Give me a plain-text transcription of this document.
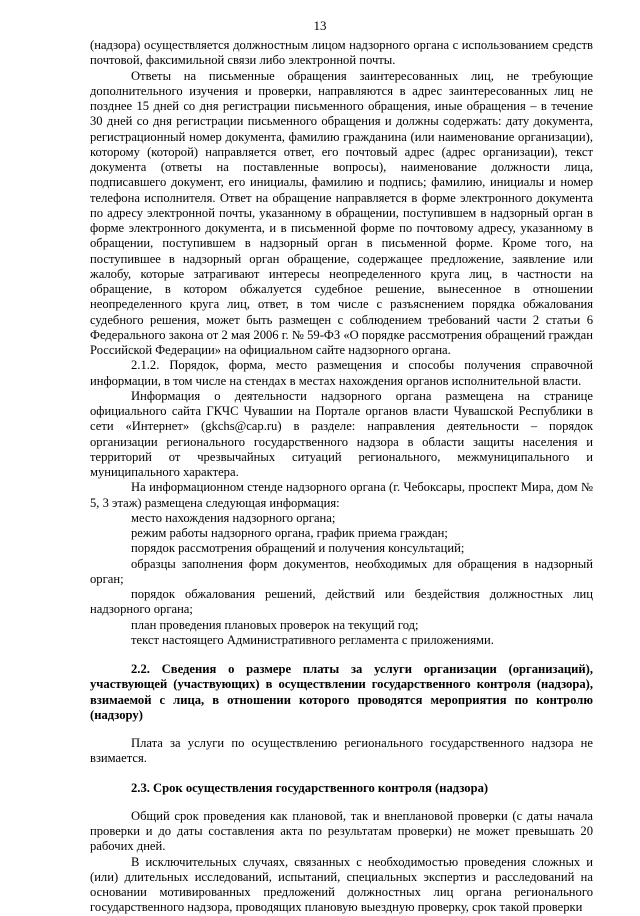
13

(надзора) осуществляется должностным лицом надзорного органа с использованием средств почтовой, факсимильной связи либо электронной почты.

Ответы на письменные обращения заинтересованных лиц, не требующие дополнительного изучения и проверки, направляются в адрес заинтересованных лиц не позднее 15 дней со дня регистрации письменного обращения, иные обращения – в течение 30 дней со дня регистрации письменного обращения и должны содержать: дату документа, регистрационный номер документа, фамилию гражданина (или наименование организации), которому (которой) направляется ответ, его почтовый адрес (адрес организации), текст документа (ответы на поставленные вопросы), наименование должности лица, подписавшего документ, его инициалы, фамилию и подпись; фамилию, инициалы и номер телефона исполнителя. Ответ на обращение направляется в форме электронного документа по адресу электронной почты, указанному в обращении, поступившем в надзорный орган в форме электронного документа, и в письменной форме по почтовому адресу, указанному в обращении, поступившем в надзорный орган в письменной форме. Кроме того, на поступившее в надзорный орган обращение, содержащее предложение, заявление или жалобу, которые затрагивают интересы неопределенного круга лиц, в частности на обращение, в котором обжалуется судебное решение, вынесенное в отношении неопределенного круга лиц, ответ, в том числе с разъяснением порядка обжалования судебного решения, может быть размещен с соблюдением требований части 2 статьи 6 Федерального закона от 2 мая 2006 г. № 59-ФЗ «О порядке рассмотрения обращений граждан Российской Федерации» на официальном сайте надзорного органа.

2.1.2. Порядок, форма, место размещения и способы получения справочной информации, в том числе на стендах в местах нахождения органов исполнительной власти.

Информация о деятельности надзорного органа размещена на странице официального сайта ГКЧС Чувашии на Портале органов власти Чувашской Республики в сети «Интернет» (gkchs@cap.ru) в разделе: направления деятельности – порядок организации регионального государственного надзора в области защиты населения и территорий от чрезвычайных ситуаций регионального, межмуниципального и муниципального характера.

На информационном стенде надзорного органа (г. Чебоксары, проспект Мира, дом № 5, 3 этаж) размещена следующая информация:

место нахождения надзорного органа;

режим работы надзорного органа, график приема граждан;

порядок рассмотрения обращений и получения консультаций;

образцы заполнения форм документов, необходимых для обращения в надзорный орган;

порядок обжалования решений, действий или бездействия должностных лиц надзорного органа;

план проведения плановых проверок на текущий год;

текст настоящего Административного регламента с приложениями.

2.2. Сведения о размере платы за услуги организации (организаций), участвующей (участвующих) в осуществлении государственного контроля (надзора), взимаемой с лица, в отношении которого проводятся мероприятия по контролю (надзору)

Плата за услуги по осуществлению регионального государственного надзора не взимается.

2.3. Срок осуществления государственного контроля (надзора)

Общий срок проведения как плановой, так и внеплановой проверки (с даты начала проверки и до даты составления акта по результатам проверки) не может превышать 20 рабочих дней.

В исключительных случаях, связанных с необходимостью проведения сложных и (или) длительных исследований, испытаний, специальных экспертиз и расследований на основании мотивированных предложений должностных лиц органа регионального государственного надзора, проводящих плановую выездную проверку, срок такой проверки
